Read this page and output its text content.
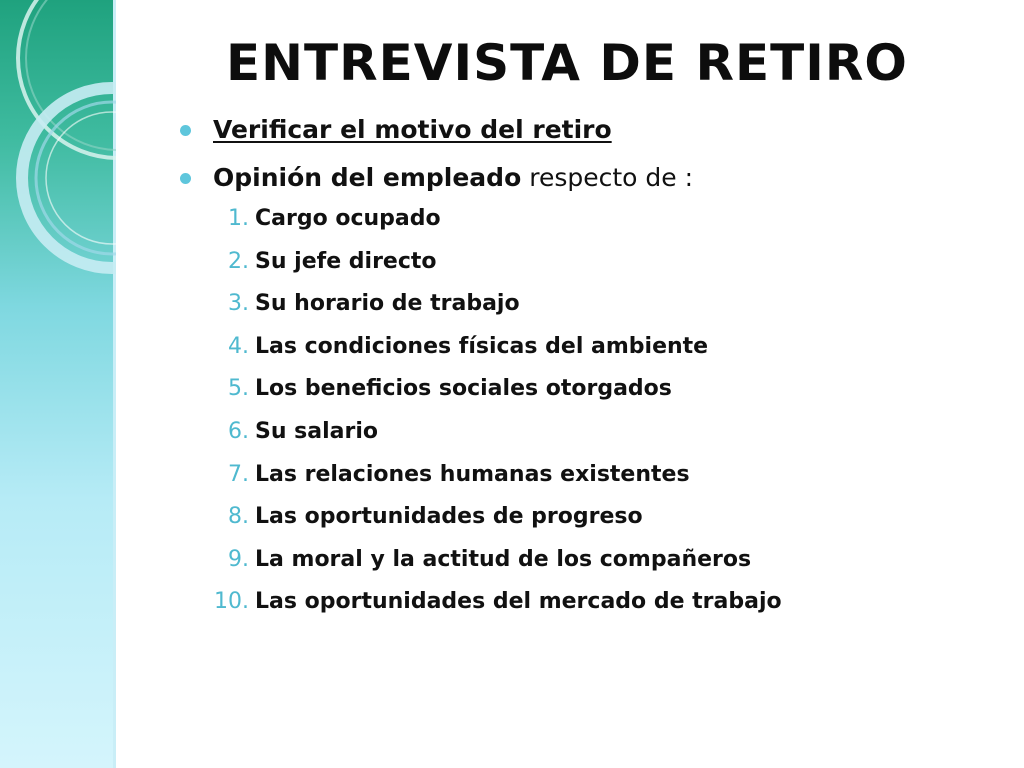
ENTREVISTA DE RETIRO
Verificar el motivo del retiro
Opinión del empleado respecto de :
1. Cargo ocupado
2. Su jefe directo
3. Su horario de trabajo
4. Las condiciones físicas del ambiente
5. Los beneficios sociales otorgados
6. Su salario
7. Las relaciones humanas existentes
8. Las oportunidades de progreso
9. La moral y la actitud de los compañeros
10. Las oportunidades del mercado de trabajo
